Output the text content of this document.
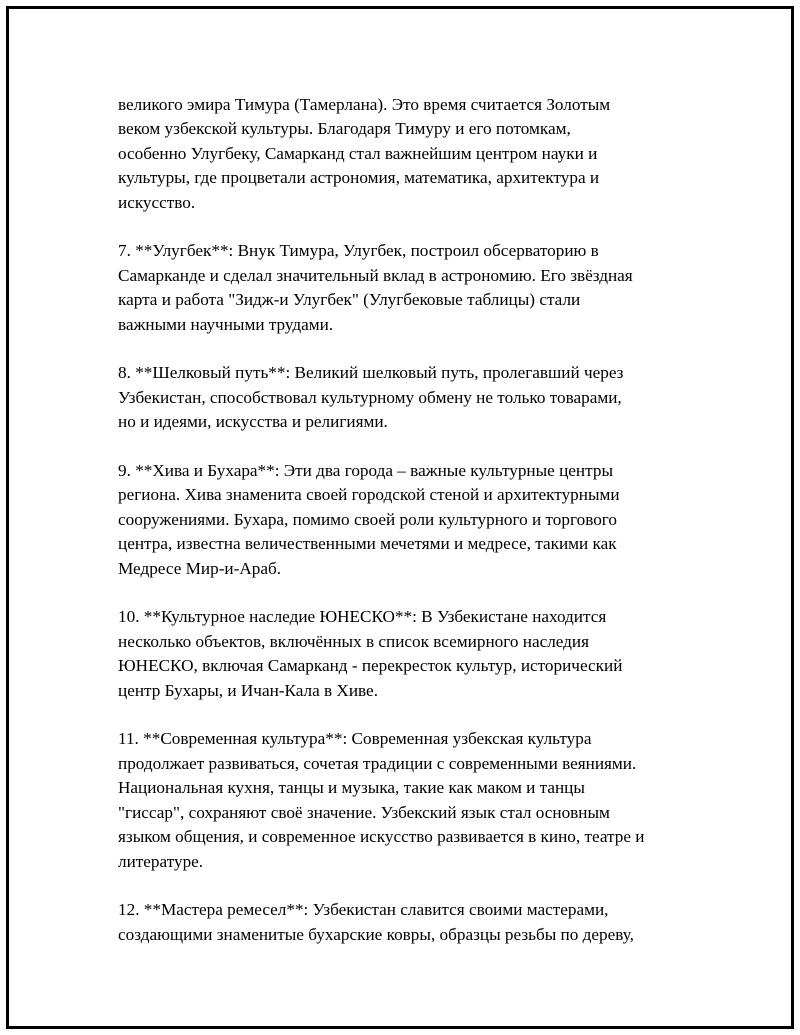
великого эмира Тимура (Тамерлана). Это время считается Золотым
веком узбекской культуры. Благодаря Тимуру и его потомкам,
особенно Улугбеку, Самарканд стал важнейшим центром науки и
культуры, где процветали астрономия, математика, архитектура и
искусство.

7. **Улугбек**: Внук Тимура, Улугбек, построил обсерваторию в
Самарканде и сделал значительный вклад в астрономию. Его звёздная
карта и работа "Зидж-и Улугбек" (Улугбековые таблицы) стали
важными научными трудами.

8. **Шелковый путь**: Великий шелковый путь, пролегавший через
Узбекистан, способствовал культурному обмену не только товарами,
но и идеями, искусства и религиями.

9. **Хива и Бухара**: Эти два города – важные культурные центры
региона. Хива знаменита своей городской стеной и архитектурными
сооружениями. Бухара, помимо своей роли культурного и торгового
центра, известна величественными мечетями и медресе, такими как
Медресе Мир-и-Араб.

10. **Культурное наследие ЮНЕСКО**: В Узбекистане находится
несколько объектов, включённых в список всемирного наследия
ЮНЕСКО, включая Самарканд - перекресток культур, исторический
центр Бухары, и Ичан-Кала в Хиве.

11. **Современная культура**: Современная узбекская культура
продолжает развиваться, сочетая традиции с современными веяниями.
Национальная кухня, танцы и музыка, такие как маком и танцы
"гиссар", сохраняют своё значение. Узбекский язык стал основным
языком общения, и современное искусство развивается в кино, театре и
литературе.

12. **Мастера ремесел**: Узбекистан славится своими мастерами,
создающими знаменитые бухарские ковры, образцы резьбы по дереву,
